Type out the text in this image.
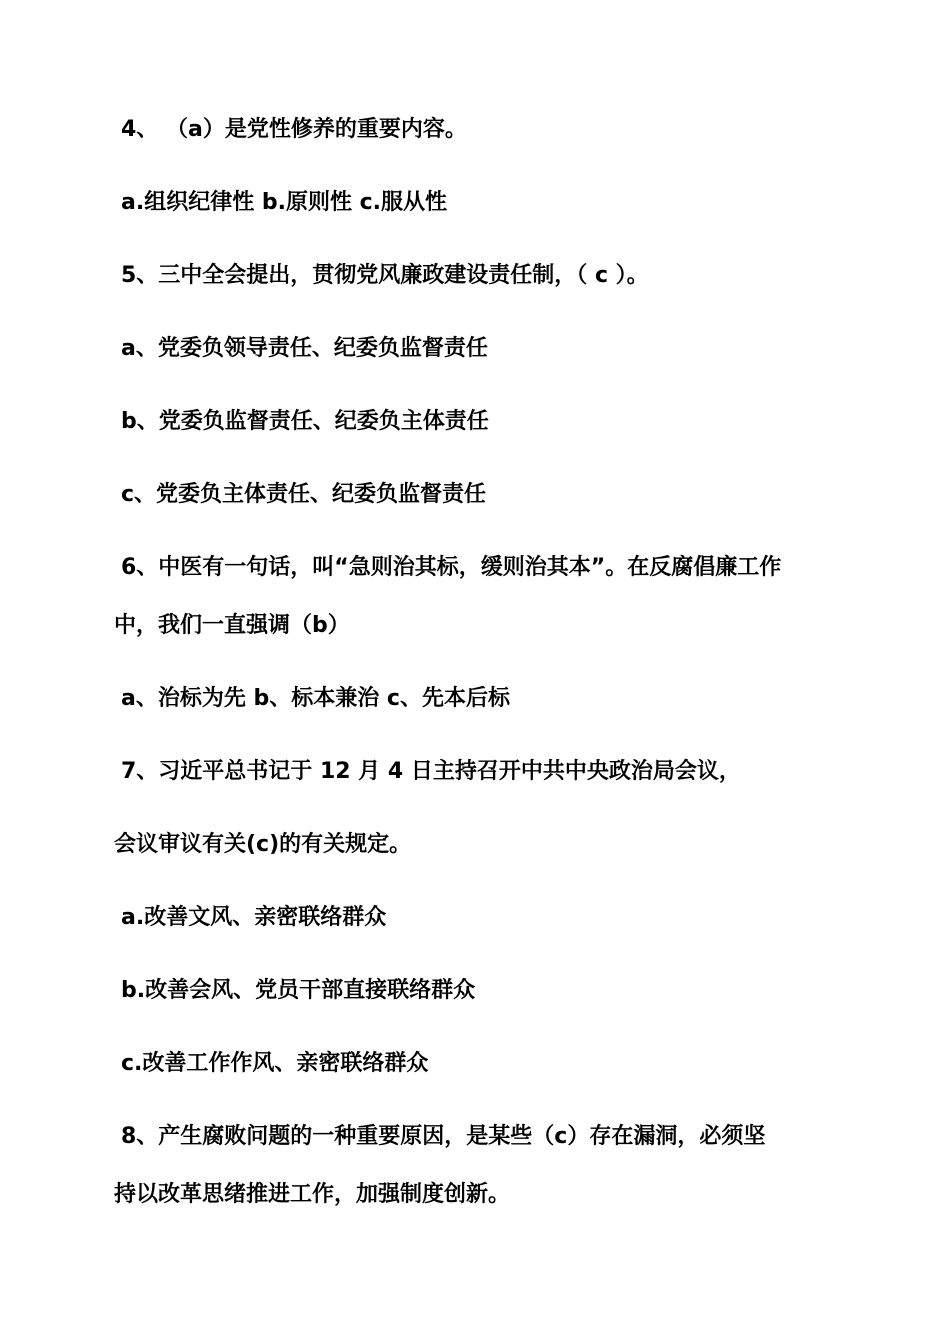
4、 （a）是党性修养的重要内容。

a.组织纪律性 b.原则性 c.服从性

5、三中全会提出，贯彻党风廉政建设责任制，（ c ）。

a、党委负领导责任、纪委负监督责任

b、党委负监督责任、纪委负主体责任

c、党委负主体责任、纪委负监督责任

6、中医有一句话，叫“急则治其标，缓则治其本”。在反腐倡廉工作

中，我们一直强调（b）

a、治标为先 b、标本兼治 c、先本后标

7、习近平总书记于 12 月 4 日主持召开中共中央政治局会议，

会议审议有关(c)的有关规定。

a.改善文风、亲密联络群众

b.改善会风、党员干部直接联络群众

c.改善工作作风、亲密联络群众

8、产生腐败问题的一种重要原因，是某些（c）存在漏洞，必须坚

持以改革思绪推进工作，加强制度创新。
